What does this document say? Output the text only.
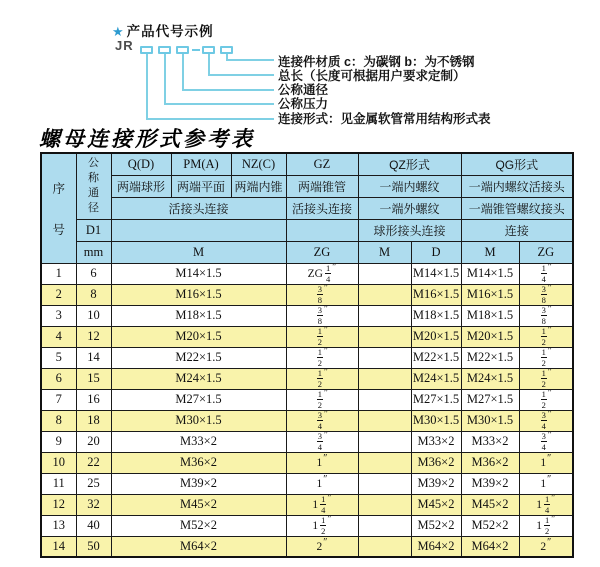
★ 产品代号示例
JR
连接件材质 c：为碳钢 b：为不锈钢
总长（长度可根据用户要求定制）
公称通径
公称压力
连接形式：见金属软管常用结构形式表
螺母连接形式参考表
序
号	公
称
通
径	Q(D)	PM(A)	NZ(C)	GZ	QZ形式		QG形式	
		两端球形	两端平面	两端内锥	两端锥管	一端内螺纹		一端内螺纹活接头	
		活接头连接			活接头连接	一端外螺纹		一端锥管螺纹接头	
	D1					球形接头连接		连接	
	mm	M			ZG	M	D	M	ZG
1	6	M14×1.5			ZG $\frac{1}{4} ''$		M14×1.5	M14×1.5	$\frac{1}{4} ''$
2	8	M16×1.5			$\frac{3}{8} ''$		M16×1.5	M16×1.5	$\frac{3}{8} ''$
3	10	M18×1.5			$\frac{3}{8} ''$		M18×1.5	M18×1.5	$\frac{3}{8} ''$
4	12	M20×1.5			$\frac{1}{2} ''$		M20×1.5	M20×1.5	$\frac{1}{2} ''$
5	14	M22×1.5			$\frac{1}{2} ''$		M22×1.5	M22×1.5	$\frac{1}{2} ''$
6	15	M24×1.5			$\frac{1}{2} ''$		M24×1.5	M24×1.5	$\frac{1}{2} ''$
7	16	M27×1.5			$\frac{1}{2} ''$		M27×1.5	M27×1.5	$\frac{1}{2} ''$
8	18	M30×1.5			$\frac{3}{4} ''$		M30×1.5	M30×1.5	$\frac{3}{4} ''$
9	20	M33×2			$\frac{3}{4} ''$		M33×2	M33×2	$\frac{3}{4} ''$
10	22	M36×2			1″		M36×2	M36×2	1″
11	25	M39×2			1″		M39×2	M39×2	1″
12	32	M45×2			$1 \frac{1}{4} ''$		M45×2	M45×2	$1 \frac{1}{4} ''$
13	40	M52×2			$1 \frac{1}{2} ''$		M52×2	M52×2	$1 \frac{1}{2} ''$
14	50	M64×2			2″		M64×2	M64×2	2″
